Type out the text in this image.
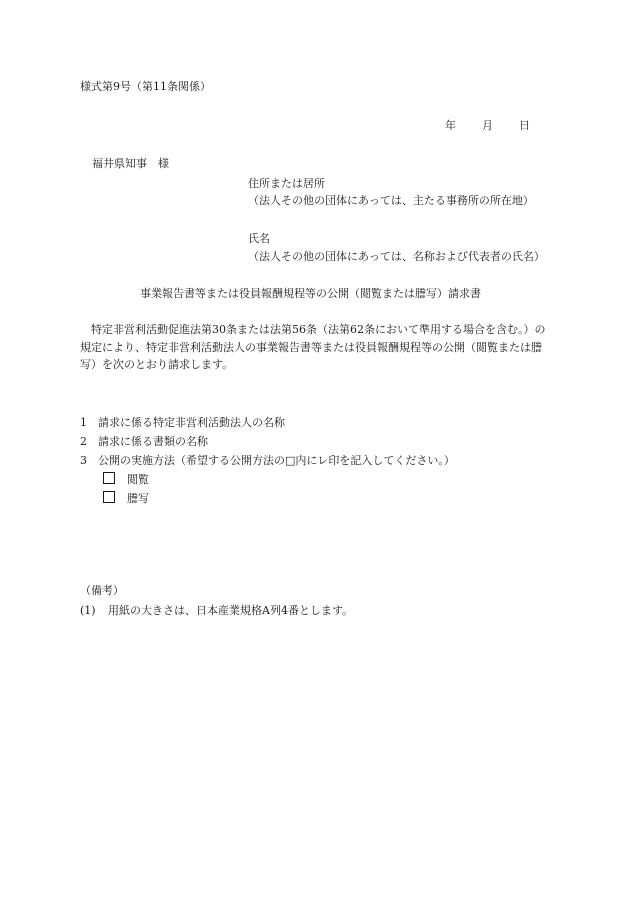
様式第9号（第11条関係）
年 月 日
福井県知事　様
住所または居所
（法人その他の団体にあっては、主たる事務所の所在地）
氏名
（法人その他の団体にあっては、名称および代表者の氏名）
事業報告書等または役員報酬規程等の公開（閲覧または謄写）請求書
　特定非営利活動促進法第30条または法第56条（法第62条において準用する場合を含む。）の規定により、特定非営利活動法人の事業報告書等または役員報酬規程等の公開（閲覧または謄写）を次のとおり請求します。
1 請求に係る特定非営利活動法人の名称
2 請求に係る書類の名称
3 公開の実施方法（希望する公開方法の□内にレ印を記入してください。）
閲覧
謄写
（備考）
(1) 用紙の大きさは、日本産業規格A列4番とします。
